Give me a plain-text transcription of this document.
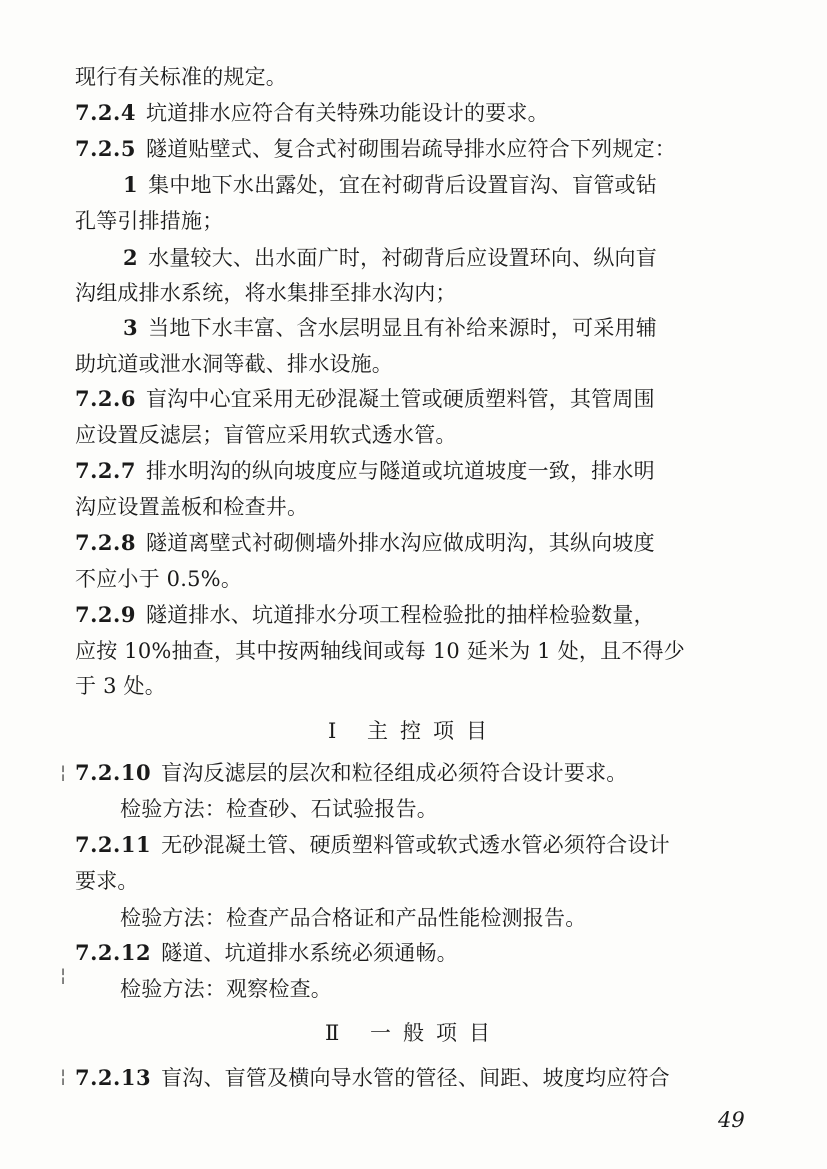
现行有关标准的规定。
7.2.4 坑道排水应符合有关特殊功能设计的要求。
7.2.5 隧道贴壁式、复合式衬砌围岩疏导排水应符合下列规定：
1 集中地下水出露处，宜在衬砌背后设置盲沟、盲管或钻
孔等引排措施；
2 水量较大、出水面广时，衬砌背后应设置环向、纵向盲
沟组成排水系统，将水集排至排水沟内；
3 当地下水丰富、含水层明显且有补给来源时，可采用辅
助坑道或泄水洞等截、排水设施。
7.2.6 盲沟中心宜采用无砂混凝土管或硬质塑料管，其管周围
应设置反滤层；盲管应采用软式透水管。
7.2.7 排水明沟的纵向坡度应与隧道或坑道坡度一致，排水明
沟应设置盖板和检查井。
7.2.8 隧道离壁式衬砌侧墙外排水沟应做成明沟，其纵向坡度
不应小于 0.5%。
7.2.9 隧道排水、坑道排水分项工程检验批的抽样检验数量，
应按 10%抽查，其中按两轴线间或每 10 延米为 1 处，且不得少
于 3 处。
Ⅰ 主控项目
7.2.10 盲沟反滤层的层次和粒径组成必须符合设计要求。
检验方法：检查砂、石试验报告。
7.2.11 无砂混凝土管、硬质塑料管或软式透水管必须符合设计
要求。
检验方法：检查产品合格证和产品性能检测报告。
7.2.12 隧道、坑道排水系统必须通畅。
检验方法：观察检查。
Ⅱ 一般项目
7.2.13 盲沟、盲管及横向导水管的管径、间距、坡度均应符合
49
¦
¦
¦
